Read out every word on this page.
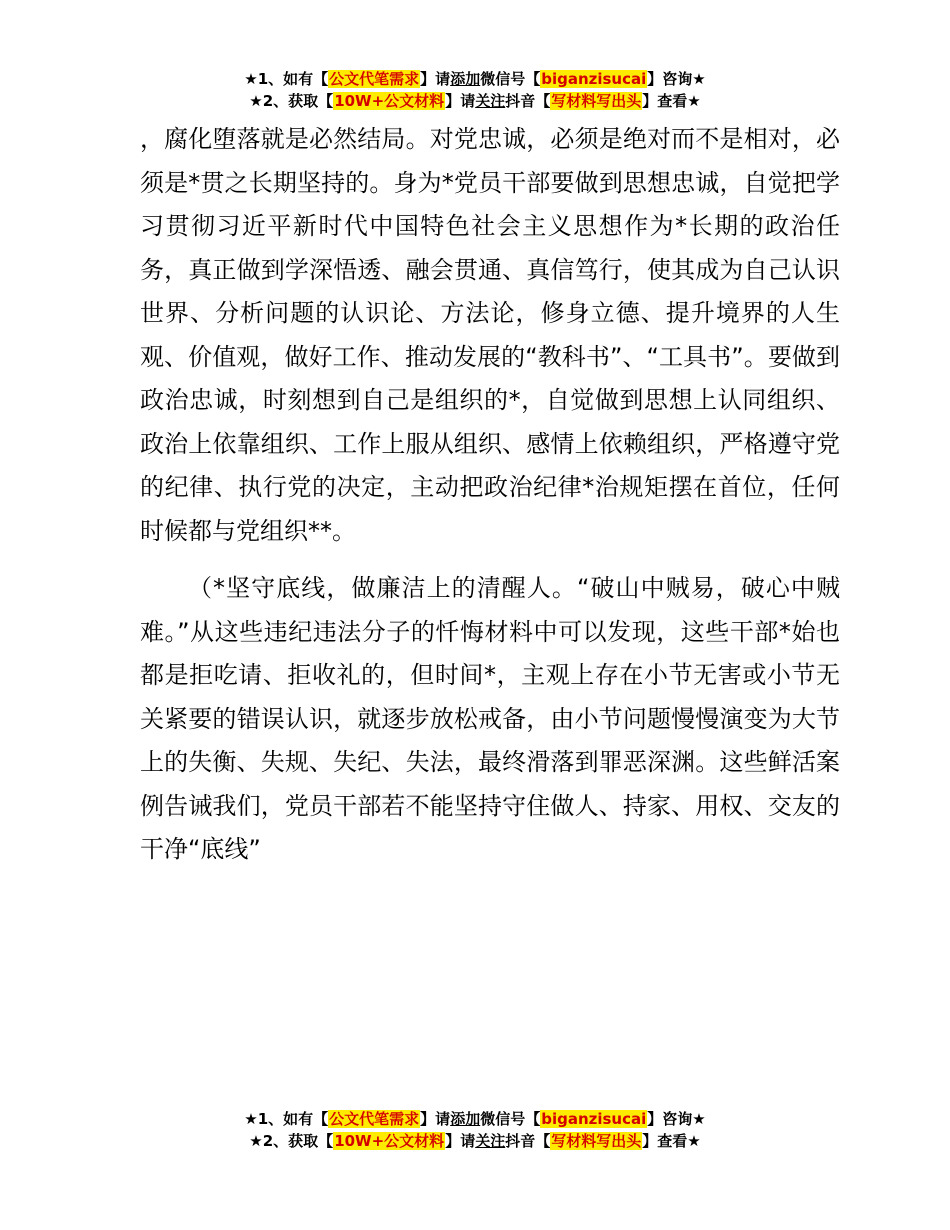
★1、如有【公文代笔需求】请添加微信号【biganzisucai】咨询★
★2、获取【10W+公文材料】请关注抖音【写材料写出头】查看★

，腐化堕落就是必然结局。对党忠诚，必须是绝对而不是相对，必须是*贯之长期坚持的。身为*党员干部要做到思想忠诚，自觉把学习贯彻习近平新时代中国特色社会主义思想作为*长期的政治任务，真正做到学深悟透、融会贯通、真信笃行，使其成为自己认识世界、分析问题的认识论、方法论，修身立德、提升境界的人生观、价值观，做好工作、推动发展的“教科书”、“工具书”。要做到政治忠诚，时刻想到自己是组织的*，自觉做到思想上认同组织、政治上依靠组织、工作上服从组织、感情上依赖组织，严格遵守党的纪律、执行党的决定，主动把政治纪律*治规矩摆在首位，任何时候都与党组织**。

（*坚守底线，做廉洁上的清醒人。“破山中贼易，破心中贼难。”从这些违纪违法分子的忏悔材料中可以发现，这些干部*始也都是拒吃请、拒收礼的，但时间*，主观上存在小节无害或小节无关紧要的错误认识，就逐步放松戒备，由小节问题慢慢演变为大节上的失衡、失规、失纪、失法，最终滑落到罪恶深渊。这些鲜活案例告诫我们，党员干部若不能坚持守住做人、持家、用权、交友的干净“底线”

★1、如有【公文代笔需求】请添加微信号【biganzisucai】咨询★
★2、获取【10W+公文材料】请关注抖音【写材料写出头】查看★
